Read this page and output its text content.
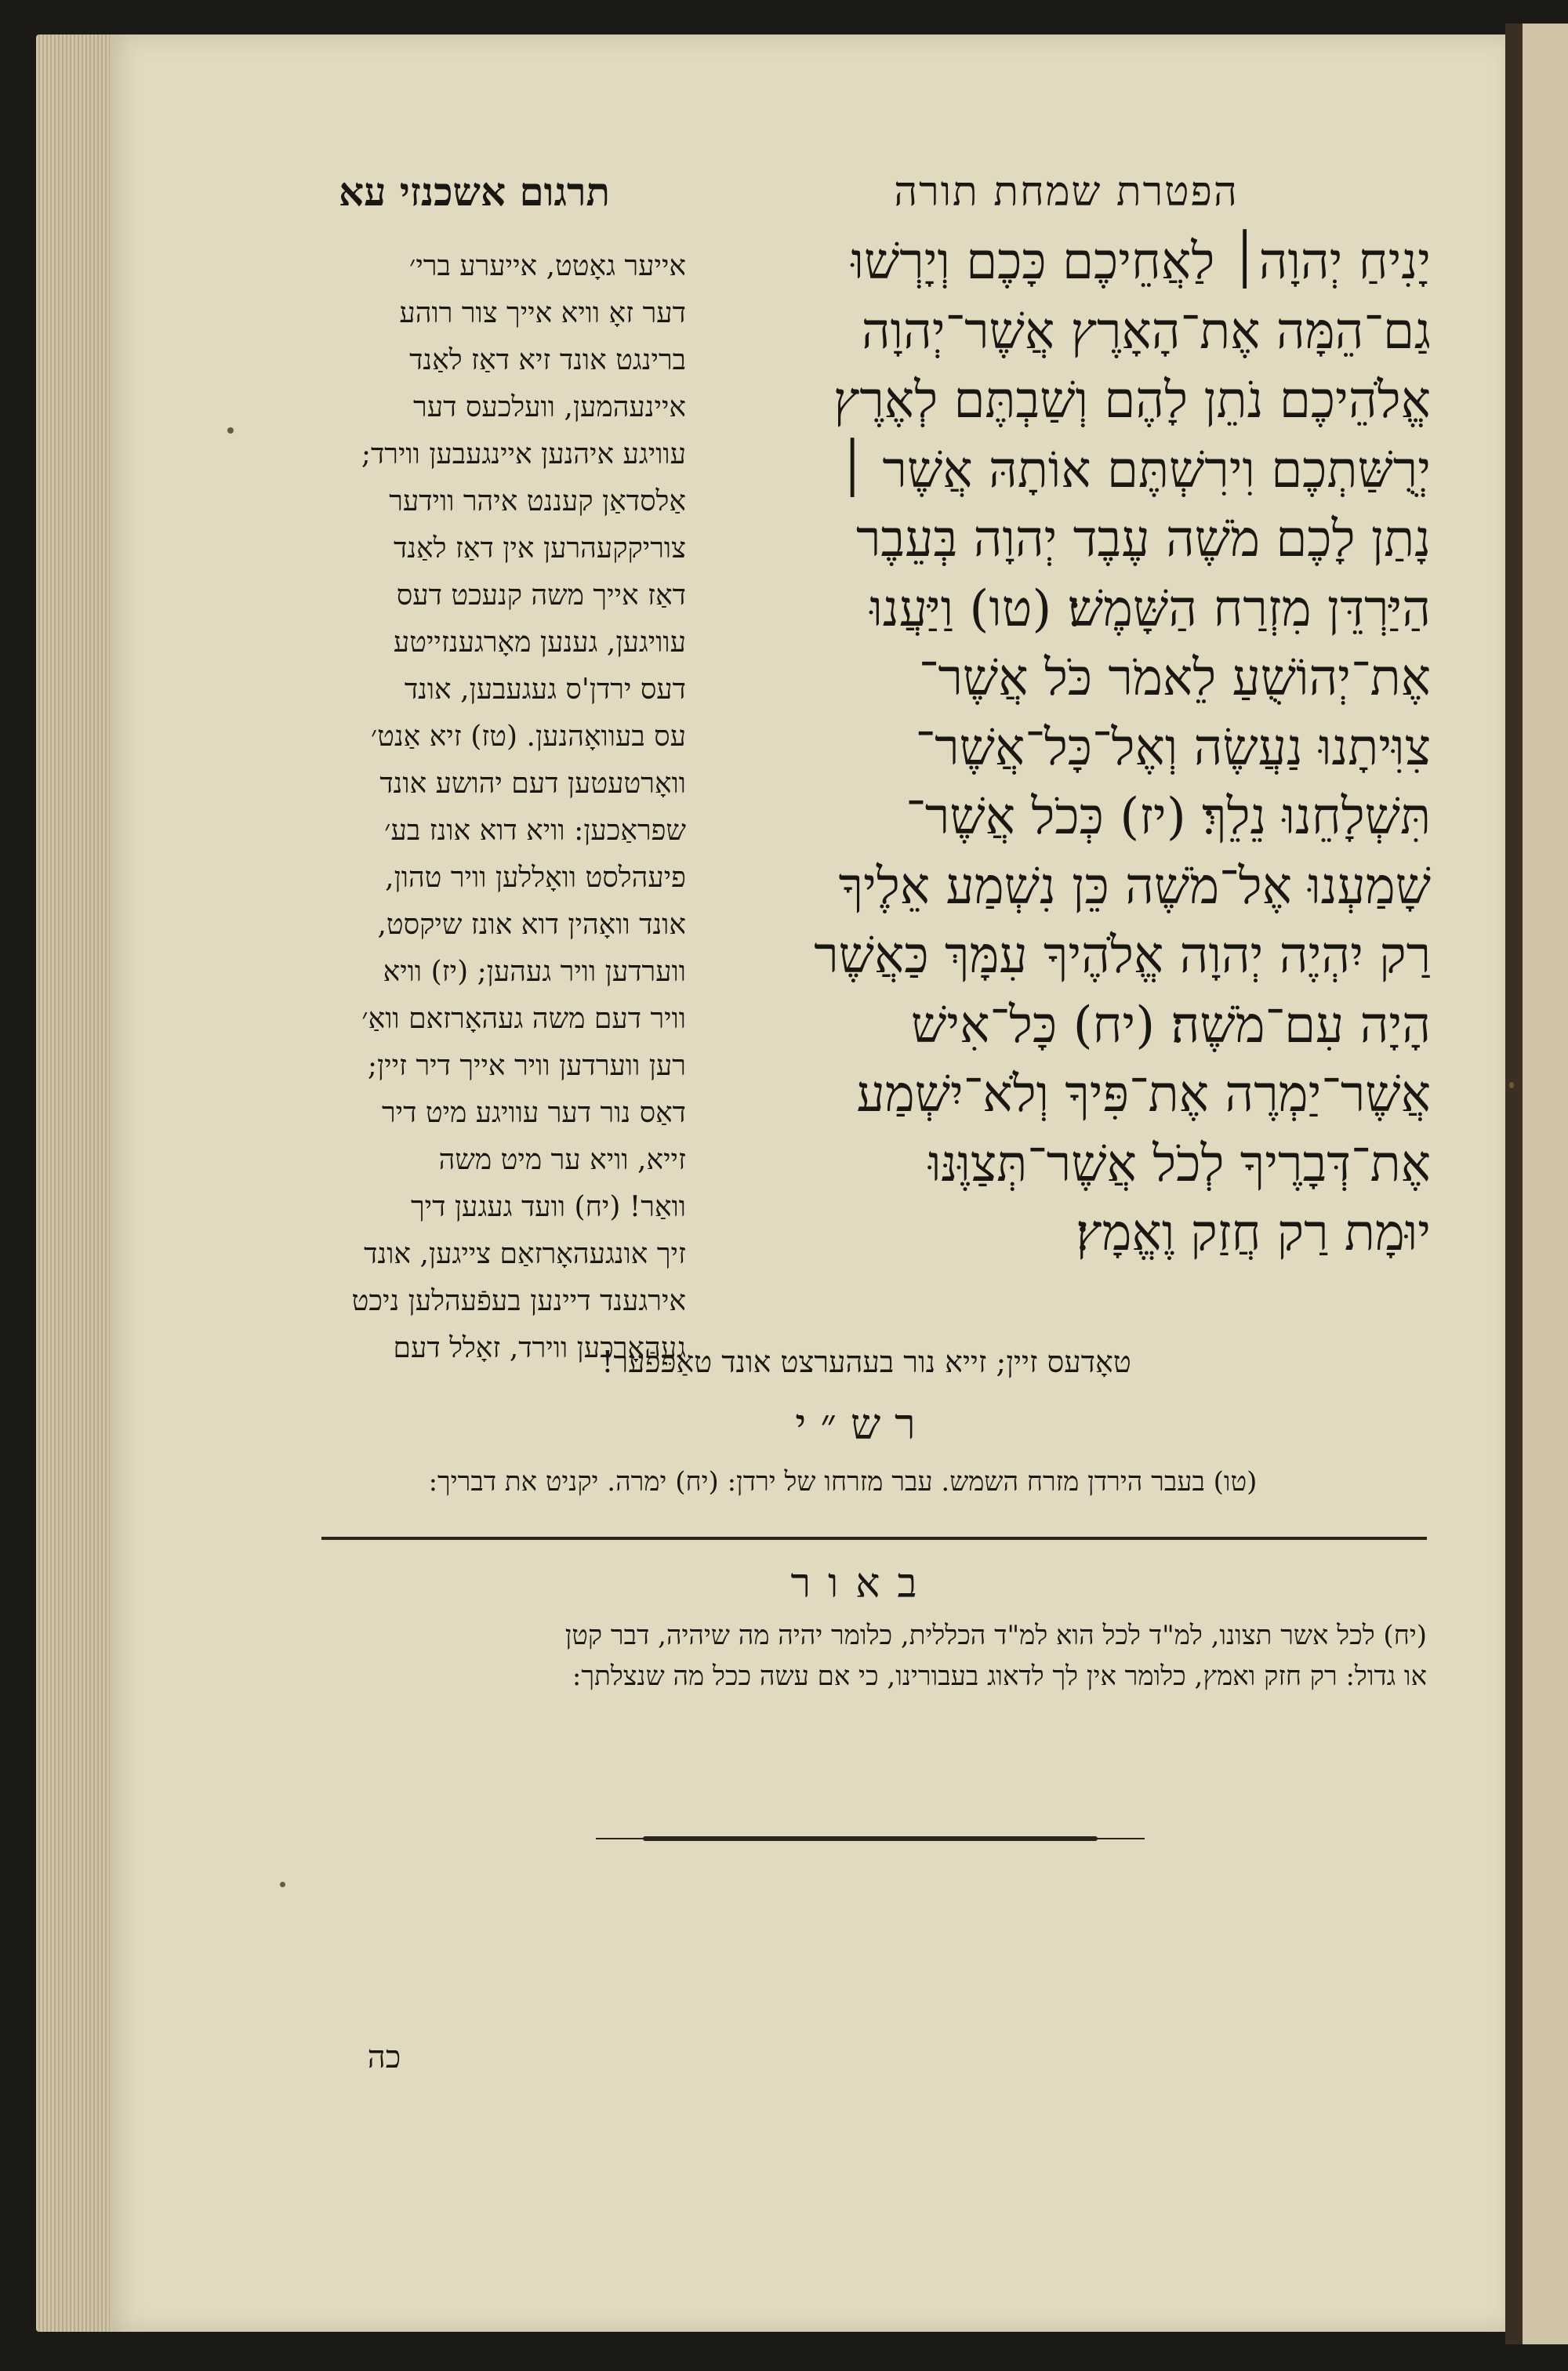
הפטרת שמחת תורה
תרגום אשכנזי עא
יָנִיחַ יְהוָה׀ לַאֲחֵיכֶם כָּכֶם וְיָרְשׁוּ
גַם־הֵמָּה אֶת־הָאָרֶץ אֲשֶׁר־יְהוָה
אֱלֹהֵיכֶם נֹתֵן לָהֶם וְשַׁבְתֶּם לְאֶרֶץ
יְרֻשַּׁתְכֶם וִירִשְׁתֶּם אוֹתָהּ אֲשֶׁר ׀
נָתַן לָכֶם מֹשֶׁה עֶבֶד יְהוָה בְּעֵבֶר
הַיַּרְדֵּן מִזְרַח הַשָּׁמֶשׁ׃ (טו) וַיַּעֲנוּ
אֶת־יְהוֹשֻׁעַ לֵאמֹר כֹּל אֲשֶׁר־
צִוִּיתָנוּ נַעֲשֶׂה וְאֶל־כָּל־אֲשֶׁר־
תִּשְׁלָחֵנוּ נֵלֵךְ׃ (יז) כְּכֹל אֲשֶׁר־
שָׁמַעְנוּ אֶל־מֹשֶׁה כֵּן נִשְׁמַע אֵלֶיךָ
רַק יִהְיֶה יְהוָה אֱלֹהֶיךָ עִמָּךְ כַּאֲשֶׁר
הָיָה עִם־מֹשֶׁה׃ (יח) כָּל־אִישׁ
אֲשֶׁר־יַמְרֶה אֶת־פִּיךָ וְלֹא־יִשְׁמַע
אֶת־דְּבָרֶיךָ לְכֹל אֲשֶׁר־תְּצַוֶּנּוּ
יוּמָת רַק חֲזַק וֶאֱמָץ׃
אייער גאָטט, אייערע ברי׳
דער זאָ וויא אייך צור רוהע
ברינגט אונד זיא דאַז לאַנד
איינעהמען, וועלכעס דער
עוויגע איהנען איינגעבען ווירד;
אַלסדאַן קעננט איהר ווידער
צוריקקעהרען אין דאַז לאַנד
דאַז אייך משה קנעכט דעס
עוויגען, גענען מאָרגענזייטע
דעס ירדן'ס געגעבען, אונד
עס בעוואָהנען. (טז) זיא אַנט׳
וואָרטעטען דעם יהושע אונד
שפראַכען: וויא דוא אונז בע׳
פיעהלסט וואָללען וויר טהון,
אונד וואָהין דוא אונז שיקסט,
ווערדען וויר געהען; (יז) וויא
וויר דעם משה געהאָרזאם וואַ׳
רען ווערדען וויר אייך דיר זיין;
דאַס נור דער עוויגע מיט דיר
זייא, וויא ער מיט משה
וואַר! (יח) וועד געגען דיך
זיך אונגעהאָרזאַם צייגען, אונד
אירגענד דיינען בעפֿעהלען ניכט
געהאָרכען ווירד, זאָלל דעם
טאָדעס זיין; זייא נור בעהערצט אונד טאַפּפֿער!
רש״י
(טו) בעבר הירדן מזרח השמש. עבר מזרחו של ירדן: (יח) ימרה. יקניט את דבריך:
באור
(יח) לכל אשר תצונו, למ"ד לכל הוא למ"ד הכללית, כלומר יהיה מה שיהיה, דבר קטן
או גדול: רק חזק ואמץ, כלומר אין לך לדאוג בעבורינו, כי אם עשה ככל מה שנצלתך:
כה
